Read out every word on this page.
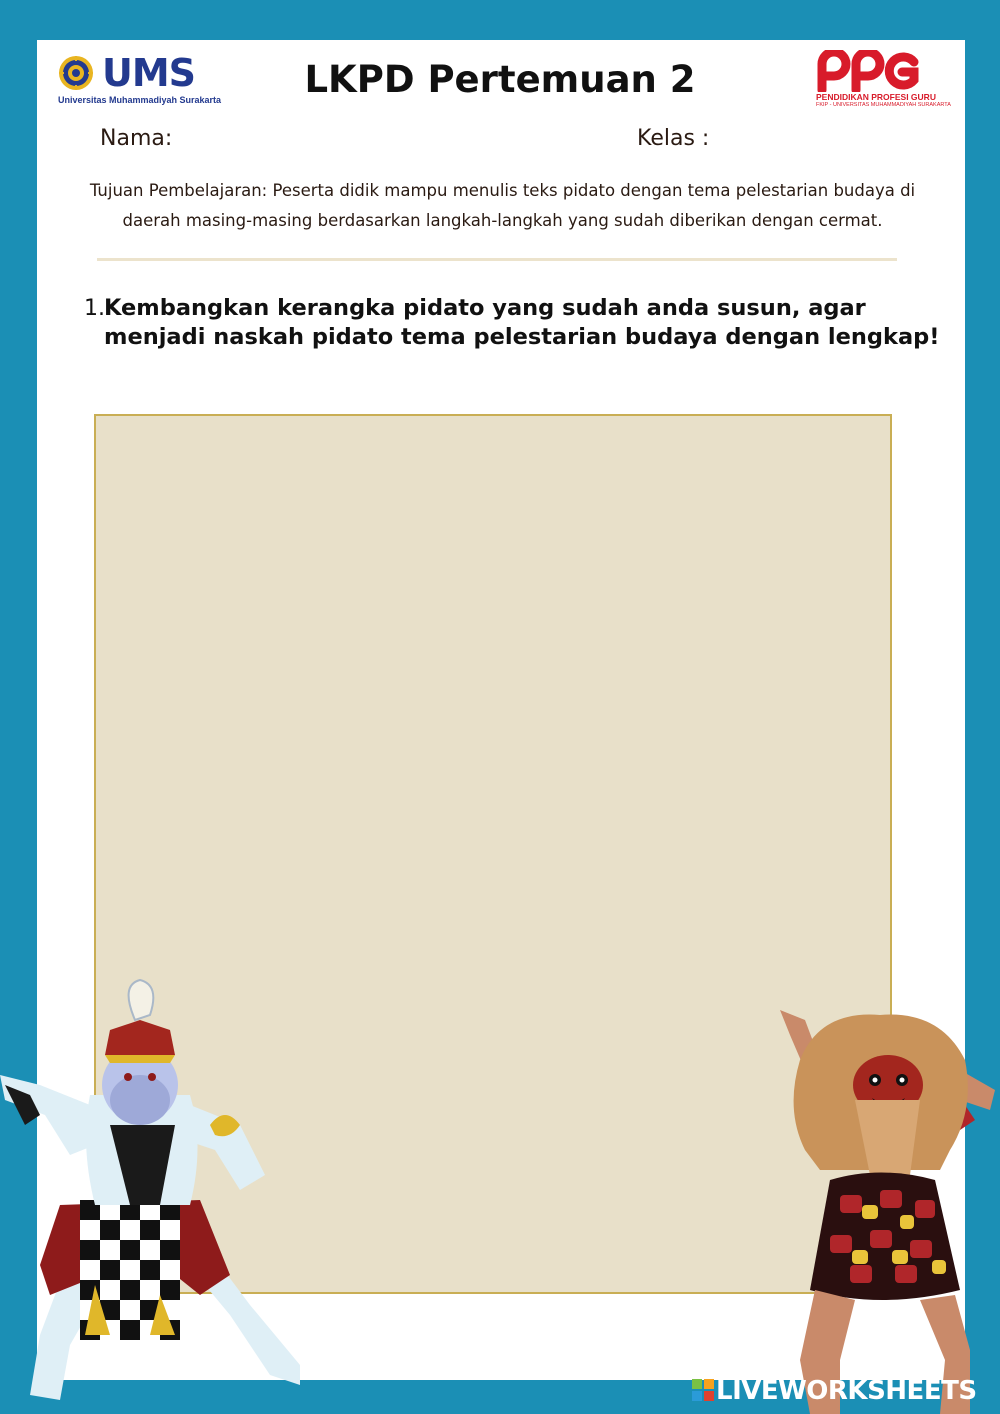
UMS
Universitas Muhammadiyah Surakarta	LKPD Pertemuan 2	PPG
PENDIDIKAN PROFESI GURU
FKIP - UNIVERSITAS MUHAMMADIYAH SURAKARTA
Nama:	Kelas :

Tujuan Pembelajaran: Peserta didik mampu menulis teks pidato dengan tema pelestarian budaya di daerah masing-masing berdasarkan langkah-langkah yang sudah diberikan dengan cermat.

1. Kembangkan kerangka pidato yang sudah anda susun, agar menjadi naskah pidato tema pelestarian budaya dengan lengkap!

LIVEWORKSHEETS
